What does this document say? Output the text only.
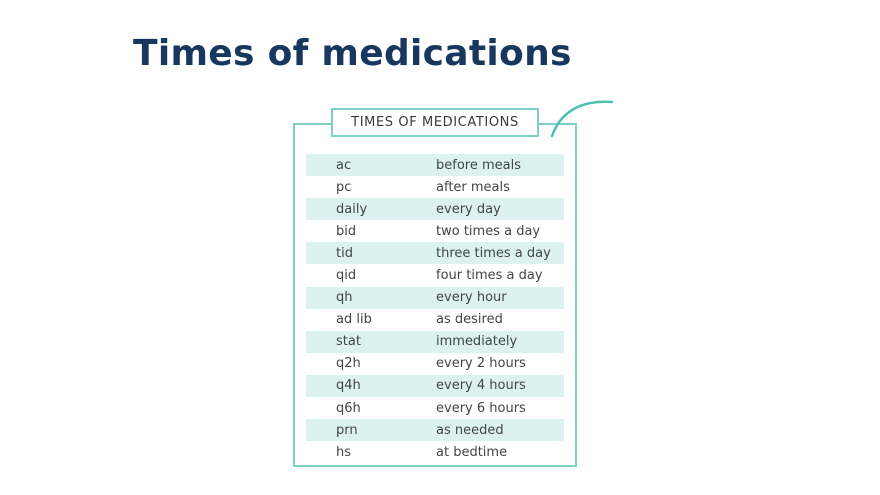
Times of medications
TIMES OF MEDICATIONS
ac	before meals
pc	after meals
daily	every day
bid	two times a day
tid	three times a day
qid	four times a day
qh	every hour
ad lib	as desired
stat	immediately
q2h	every 2 hours
q4h	every 4 hours
q6h	every 6 hours
prn	as needed
hs	at bedtime
